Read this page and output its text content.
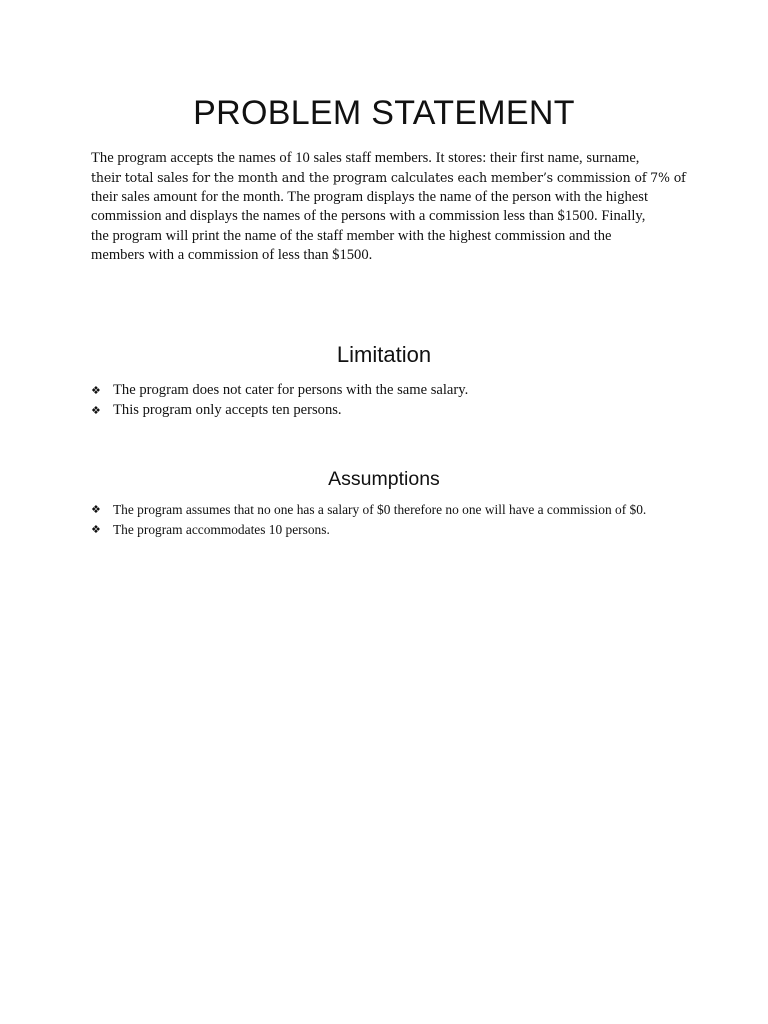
PROBLEM STATEMENT

The program accepts the names of 10 sales staff members. It stores: their first name, surname,
their total sales for the month and the program calculates each member’s commission of 7% of
their sales amount for the month. The program displays the name of the person with the highest
commission and displays the names of the persons with a commission less than $1500. Finally,
the program will print the name of the staff member with the highest commission and the
members with a commission of less than $1500.

Limitation
❖ The program does not cater for persons with the same salary.
❖ This program only accepts ten persons.
Assumptions
❖ The program assumes that no one has a salary of $0 therefore no one will have a commission of $0.
❖ The program accommodates 10 persons.
